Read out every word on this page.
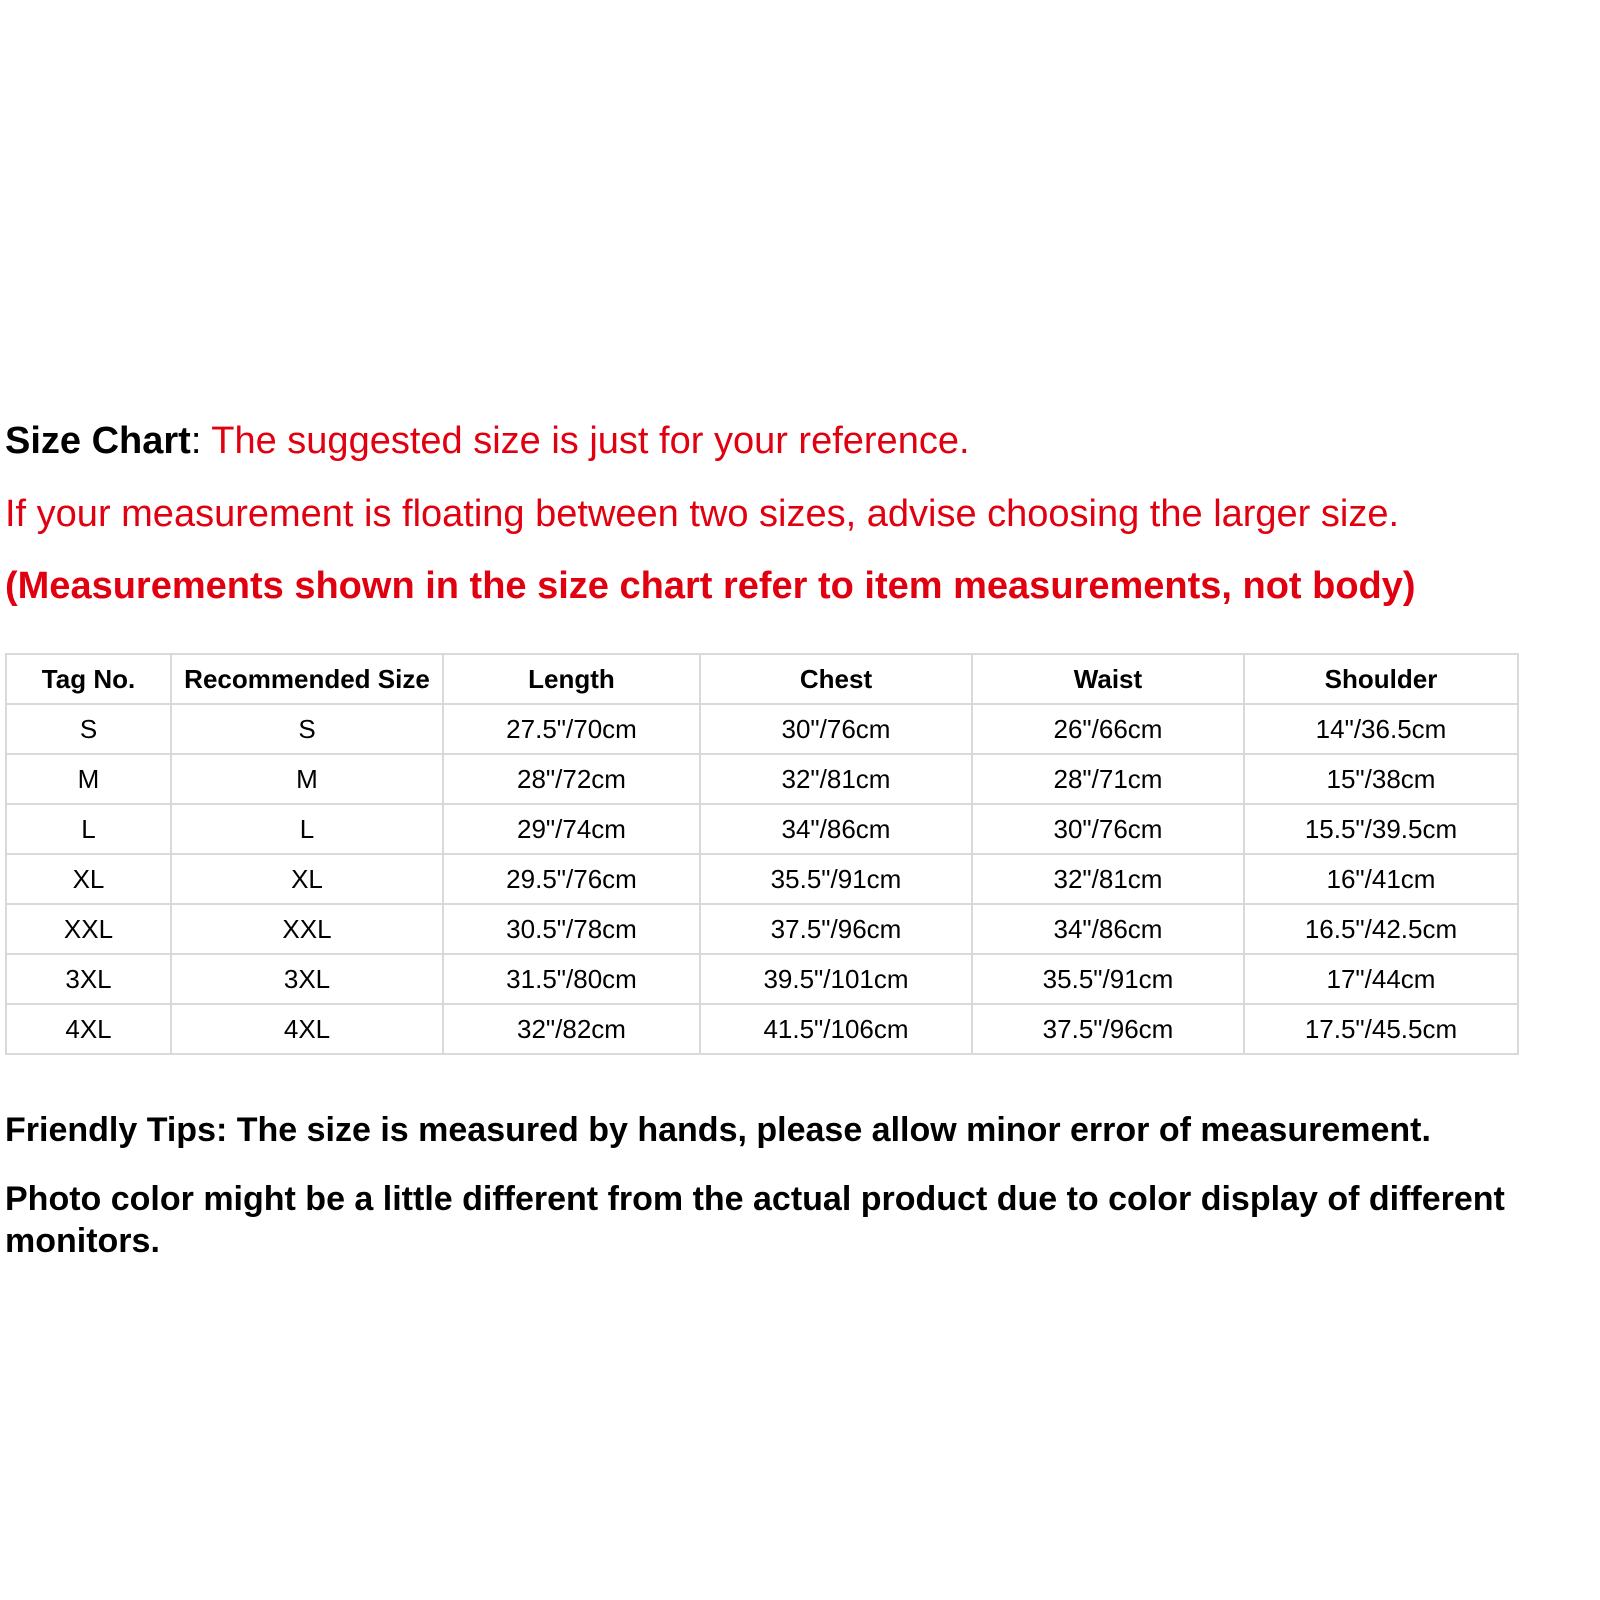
Size Chart: The suggested size is just for your reference.

If your measurement is floating between two sizes, advise choosing the larger size.

(Measurements shown in the size chart refer to item measurements, not body)

Tag No.	Recommended Size	Length	Chest	Waist	Shoulder
S	S	27.5"/70cm	30"/76cm	26"/66cm	14"/36.5cm
M	M	28"/72cm	32"/81cm	28"/71cm	15"/38cm
L	L	29"/74cm	34"/86cm	30"/76cm	15.5"/39.5cm
XL	XL	29.5"/76cm	35.5"/91cm	32"/81cm	16"/41cm
XXL	XXL	30.5"/78cm	37.5"/96cm	34"/86cm	16.5"/42.5cm
3XL	3XL	31.5"/80cm	39.5"/101cm	35.5"/91cm	17"/44cm
4XL	4XL	32"/82cm	41.5"/106cm	37.5"/96cm	17.5"/45.5cm

Friendly Tips: The size is measured by hands, please allow minor error of measurement.

Photo color might be a little different from the actual product due to color display of different monitors.
